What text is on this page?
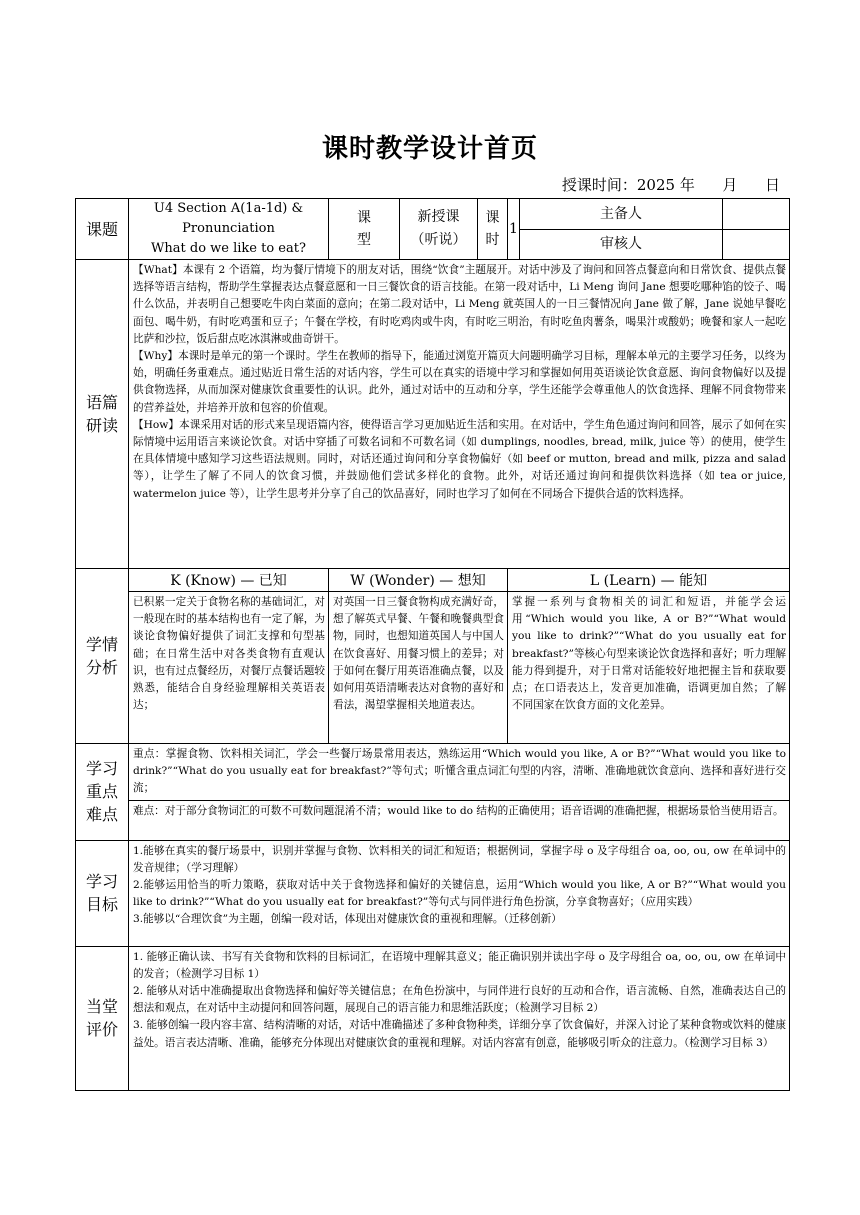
课时教学设计首页
授课时间：2025 年 月 日
课题	U4 Section A(1a-1d) & Pronunciation
What do we like to eat?	课型	新授课（听说）	课时	1	主备人	
						审核人	

语篇研读	【What】本课有 2 个语篇，均为餐厅情境下的朋友对话，围绕“饮食”主题展开。对话中涉及了询问和回答点餐意向和日常饮食、提供点餐选择等语言结构，帮助学生掌握表达点餐意愿和一日三餐饮食的语言技能。在第一段对话中，Li Meng 询问 Jane 想要吃哪种馅的饺子、喝什么饮品，并表明自己想要吃牛肉白菜面的意向；在第二段对话中，Li Meng 就英国人的一日三餐情况向 Jane 做了解，Jane 说她早餐吃面包、喝牛奶，有时吃鸡蛋和豆子；午餐在学校，有时吃鸡肉或牛肉，有时吃三明治，有时吃鱼肉薯条，喝果汁或酸奶；晚餐和家人一起吃比萨和沙拉，饭后甜点吃冰淇淋或曲奇饼干。

【Why】本课时是单元的第一个课时。学生在教师的指导下，能通过浏览开篇页大问题明确学习目标，理解本单元的主要学习任务，以终为始，明确任务重难点。通过贴近日常生活的对话内容，学生可以在真实的语境中学习和掌握如何用英语谈论饮食意愿、询问食物偏好以及提供食物选择，从而加深对健康饮食重要性的认识。此外，通过对话中的互动和分享，学生还能学会尊重他人的饮食选择、理解不同食物带来的营养益处，并培养开放和包容的价值观。

【How】本课采用对话的形式来呈现语篇内容，使得语言学习更加贴近生活和实用。在对话中，学生角色通过询问和回答，展示了如何在实际情境中运用语言来谈论饮食。对话中穿插了可数名词和不可数名词（如 dumplings, noodles, bread, milk, juice 等）的使用，使学生在具体情境中感知学习这些语法规则。同时，对话还通过询问和分享食物偏好（如 beef or mutton, bread and milk, pizza and salad 等），让学生了解了不同人的饮食习惯，并鼓励他们尝试多样化的食物。此外，对话还通过询问和提供饮料选择（如 tea or juice, watermelon juice 等），让学生思考并分享了自己的饮品喜好，同时也学习了如何在不同场合下提供合适的饮料选择。						

学情分析	K (Know) — 已知	W (Wonder) — 想知			L (Learn) — 能知		
	已积累一定关于食物名称的基础词汇，对一般现在时的基本结构也有一定了解，为谈论食物偏好提供了词汇支撑和句型基础；在日常生活中对各类食物有直观认识，也有过点餐经历，对餐厅点餐话题较熟悉，能结合自身经验理解相关英语表达；	对英国一日三餐食物构成充满好奇，想了解英式早餐、午餐和晚餐典型食物，同时，也想知道英国人与中国人在饮食喜好、用餐习惯上的差异；对于如何在餐厅用英语准确点餐，以及如何用英语清晰表达对食物的喜好和看法，渴望掌握相关地道表达。			掌握一系列与食物相关的词汇和短语，并能学会运用“Which would you like, A or B?”“What would you like to drink?”“What do you usually eat for breakfast?”等核心句型来谈论饮食选择和喜好；听力理解能力得到提升，对于日常对话能较好地把握主旨和获取要点；在口语表达上，发音更加准确，语调更加自然；了解不同国家在饮食方面的文化差异。		

学习重点难点	重点：掌握食物、饮料相关词汇，学会一些餐厅场景常用表达，熟练运用“Which would you like, A or B?”“What would you like to drink?”“What do you usually eat for breakfast?”等句式；听懂含重点词汇句型的内容，清晰、准确地就饮食意向、选择和喜好进行交流；						
	难点：对于部分食物词汇的可数不可数问题混淆不清；would like to do 结构的正确使用；语音语调的准确把握，根据场景恰当使用语言。						

学习目标	1.能够在真实的餐厅场景中，识别并掌握与食物、饮料相关的词汇和短语；根据例词，掌握字母 o 及字母组合 oa, oo, ou, ow 在单词中的发音规律；（学习理解）

2.能够运用恰当的听力策略，获取对话中关于食物选择和偏好的关键信息，运用“Which would you like, A or B?”“What would you like to drink?”“What do you usually eat for breakfast?”等句式与同伴进行角色扮演，分享食物喜好；（应用实践）

3.能够以“合理饮食”为主题，创编一段对话，体现出对健康饮食的重视和理解。（迁移创新）						

当堂评价	1. 能够正确认读、书写有关食物和饮料的目标词汇，在语境中理解其意义；能正确识别并读出字母 o 及字母组合 oa, oo, ou, ow 在单词中的发音；（检测学习目标 1）

2. 能够从对话中准确提取出食物选择和偏好等关键信息；在角色扮演中，与同伴进行良好的互动和合作，语言流畅、自然，准确表达自己的想法和观点，在对话中主动提问和回答问题，展现自己的语言能力和思维活跃度；（检测学习目标 2）

3. 能够创编一段内容丰富、结构清晰的对话，对话中准确描述了多种食物种类，详细分享了饮食偏好，并深入讨论了某种食物或饮料的健康益处。语言表达清晰、准确，能够充分体现出对健康饮食的重视和理解。对话内容富有创意，能够吸引听众的注意力。（检测学习目标 3）						
